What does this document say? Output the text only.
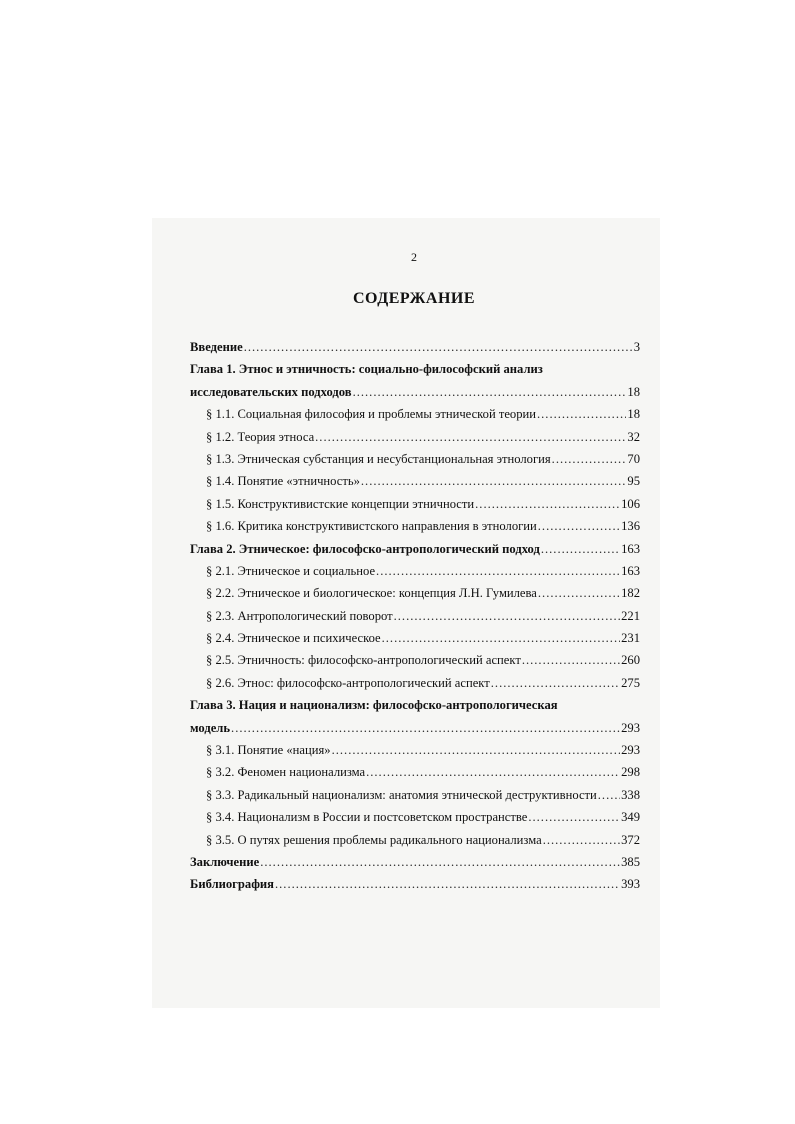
2
СОДЕРЖАНИЕ
Введение .....	3
Глава 1. Этнос и этничность: социально-философский анализ
исследовательских подходов .....	18
§ 1.1. Социальная философия и проблемы этнической теории .....	18
§ 1.2. Теория этноса .....	32
§ 1.3. Этническая субстанция и несубстанциональная этнология .....	70
§ 1.4. Понятие «этничность» .....	95
§ 1.5. Конструктивистские концепции этничности .....	106
§ 1.6. Критика конструктивистского направления в этнологии .....	136
Глава 2. Этническое: философско-антропологический подход .....	163
§ 2.1. Этническое и социальное .....	163
§ 2.2. Этническое и биологическое: концепция Л.Н. Гумилева .....	182
§ 2.3. Антропологический поворот .....	221
§ 2.4. Этническое и психическое .....	231
§ 2.5. Этничность: философско-антропологический аспект .....	260
§ 2.6. Этнос: философско-антропологический аспект .....	275
Глава 3. Нация и национализм: философско-антропологическая
модель .....	293
§ 3.1. Понятие «нация» .....	293
§ 3.2. Феномен национализма .....	298
§ 3.3. Радикальный национализм: анатомия этнической деструктивности ..... 338
§ 3.4. Национализм в России и постсоветском пространстве .....	349
§ 3.5. О путях решения проблемы радикального национализма .....	372
Заключение .....	385
Библиография .....	393
